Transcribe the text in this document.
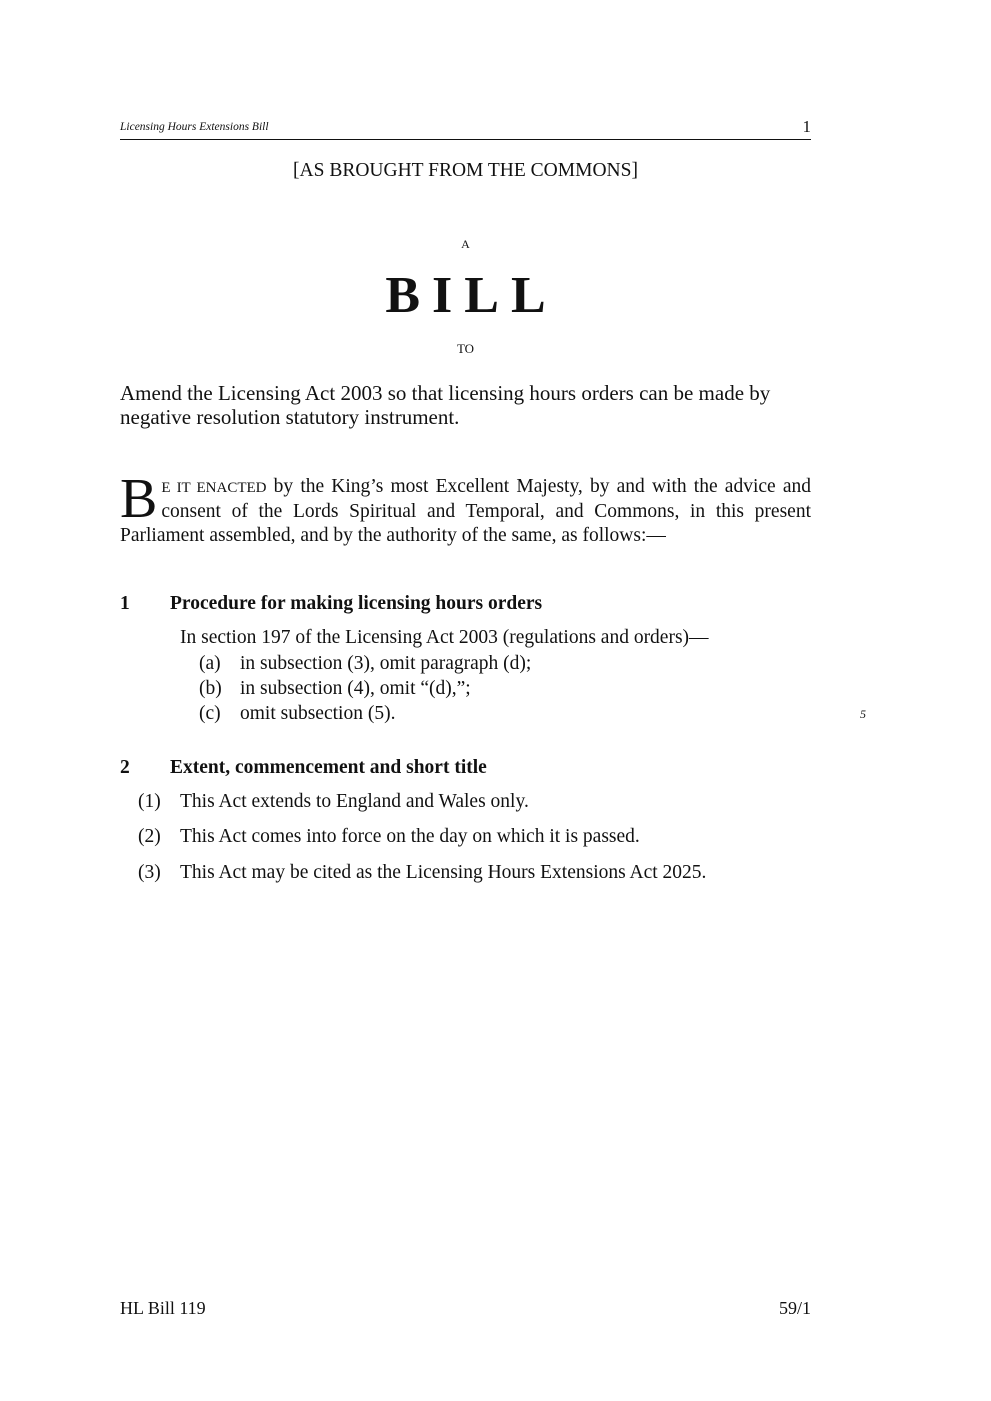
Licensing Hours Extensions Bill	1
[AS BROUGHT FROM THE COMMONS]
A
BILL
TO
Amend the Licensing Act 2003 so that licensing hours orders can be made by negative resolution statutory instrument.
B E IT ENACTED by the King’s most Excellent Majesty, by and with the advice and consent of the Lords Spiritual and Temporal, and Commons, in this present Parliament assembled, and by the authority of the same, as follows:—
1 Procedure for making licensing hours orders
In section 197 of the Licensing Act 2003 (regulations and orders)—
(a) in subsection (3), omit paragraph (d);
(b) in subsection (4), omit “(d),”;
(c) omit subsection (5).	5
2 Extent, commencement and short title
(1) This Act extends to England and Wales only.
(2) This Act comes into force on the day on which it is passed.
(3) This Act may be cited as the Licensing Hours Extensions Act 2025.
HL Bill 119	59/1
